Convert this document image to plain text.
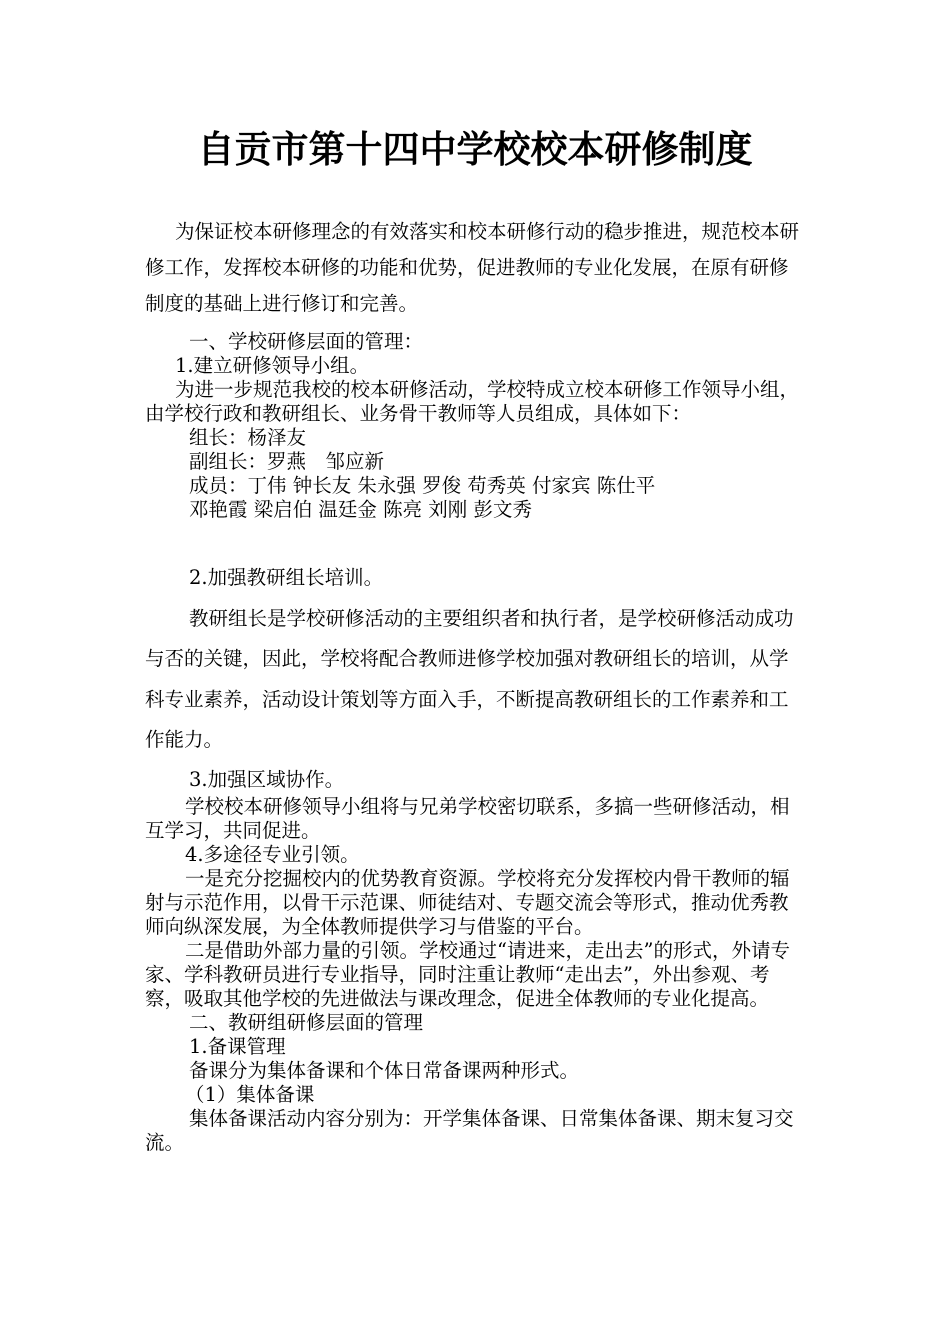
自贡市第十四中学校校本研修制度

为保证校本研修理念的有效落实和校本研修行动的稳步推进，规范校本研修工作，发挥校本研修的功能和优势，促进教师的专业化发展，在原有研修制度的基础上进行修订和完善。

一、学校研修层面的管理：

1.建立研修领导小组。

为进一步规范我校的校本研修活动，学校特成立校本研修工作领导小组，由学校行政和教研组长、业务骨干教师等人员组成，具体如下：

组长：杨泽友

副组长：罗燕　邹应新

成员：丁伟 钟长友 朱永强 罗俊 苟秀英 付家宾 陈仕平

邓艳霞 梁启伯 温廷金 陈亮 刘刚 彭文秀

2.加强教研组长培训。

教研组长是学校研修活动的主要组织者和执行者，是学校研修活动成功与否的关键，因此，学校将配合教师进修学校加强对教研组长的培训，从学科专业素养，活动设计策划等方面入手，不断提高教研组长的工作素养和工作能力。

3.加强区域协作。

学校校本研修领导小组将与兄弟学校密切联系，多搞一些研修活动，相互学习，共同促进。

4.多途径专业引领。

一是充分挖掘校内的优势教育资源。学校将充分发挥校内骨干教师的辐射与示范作用，以骨干示范课、师徒结对、专题交流会等形式，推动优秀教师向纵深发展，为全体教师提供学习与借鉴的平台。

二是借助外部力量的引领。学校通过“请进来，走出去”的形式，外请专家、学科教研员进行专业指导，同时注重让教师“走出去”，外出参观、考察，吸取其他学校的先进做法与课改理念，促进全体教师的专业化提高。

二、教研组研修层面的管理

1.备课管理

备课分为集体备课和个体日常备课两种形式。

（1）集体备课

集体备课活动内容分别为：开学集体备课、日常集体备课、期末复习交流。
